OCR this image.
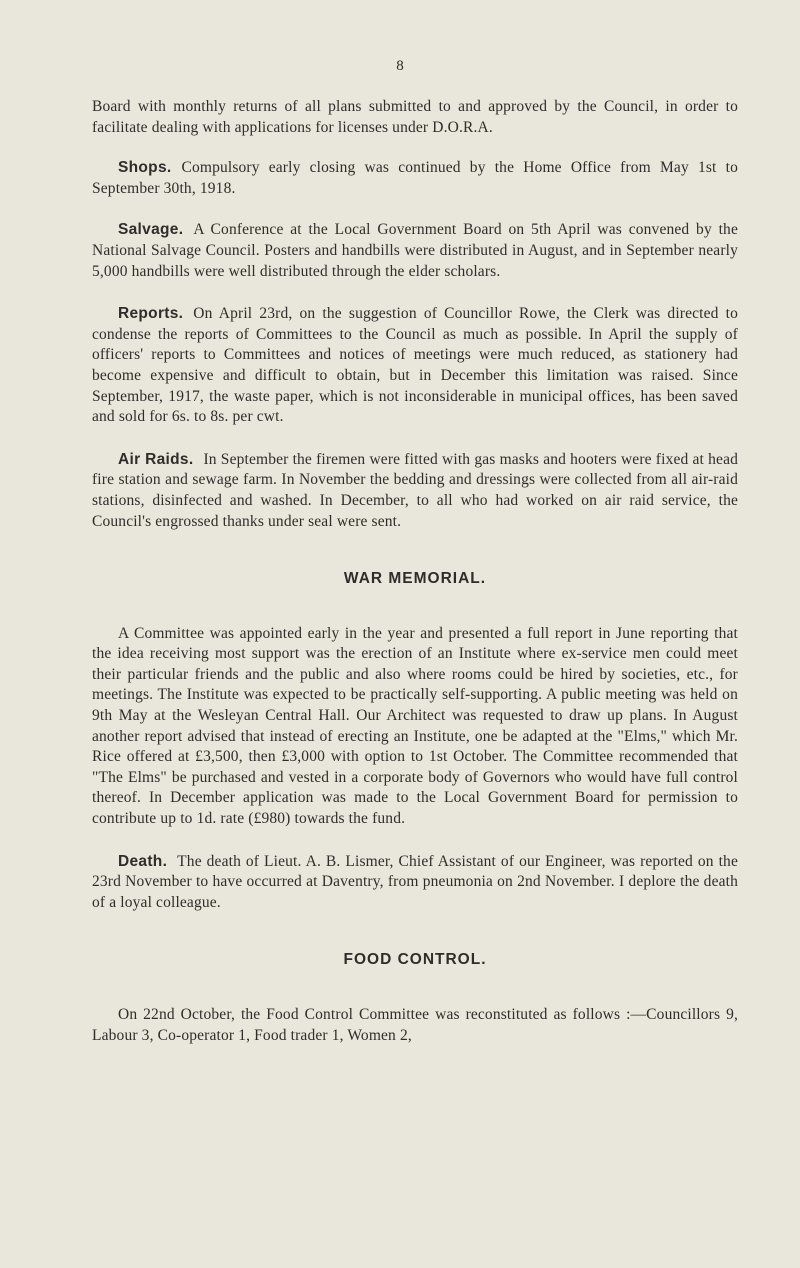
8

Board with monthly returns of all plans submitted to and approved by the Council, in order to facilitate dealing with applications for licenses under D.O.R.A.

Shops. Compulsory early closing was continued by the Home Office from May 1st to September 30th, 1918.

Salvage. A Conference at the Local Government Board on 5th April was convened by the National Salvage Council. Posters and handbills were distributed in August, and in September nearly 5,000 handbills were well distributed through the elder scholars.

Reports. On April 23rd, on the suggestion of Councillor Rowe, the Clerk was directed to condense the reports of Committees to the Council as much as possible. In April the supply of officers' reports to Committees and notices of meetings were much reduced, as stationery had become expensive and difficult to obtain, but in December this limitation was raised. Since September, 1917, the waste paper, which is not inconsiderable in municipal offices, has been saved and sold for 6s. to 8s. per cwt.

Air Raids. In September the firemen were fitted with gas masks and hooters were fixed at head fire station and sewage farm. In November the bedding and dressings were collected from all air-raid stations, disinfected and washed. In December, to all who had worked on air raid service, the Council's engrossed thanks under seal were sent.

WAR MEMORIAL.

A Committee was appointed early in the year and presented a full report in June reporting that the idea receiving most support was the erection of an Institute where ex-service men could meet their particular friends and the public and also where rooms could be hired by societies, etc., for meetings. The Institute was expected to be practically self-supporting. A public meeting was held on 9th May at the Wesleyan Central Hall. Our Architect was requested to draw up plans. In August another report advised that instead of erecting an Institute, one be adapted at the "Elms," which Mr. Rice offered at £3,500, then £3,000 with option to 1st October. The Committee recommended that "The Elms" be purchased and vested in a corporate body of Governors who would have full control thereof. In December application was made to the Local Government Board for permission to contribute up to 1d. rate (£980) towards the fund.

Death. The death of Lieut. A. B. Lismer, Chief Assistant of our Engineer, was reported on the 23rd November to have occurred at Daventry, from pneumonia on 2nd November. I deplore the death of a loyal colleague.

FOOD CONTROL.

On 22nd October, the Food Control Committee was reconstituted as follows :—Councillors 9, Labour 3, Co-operator 1, Food trader 1, Women 2,
